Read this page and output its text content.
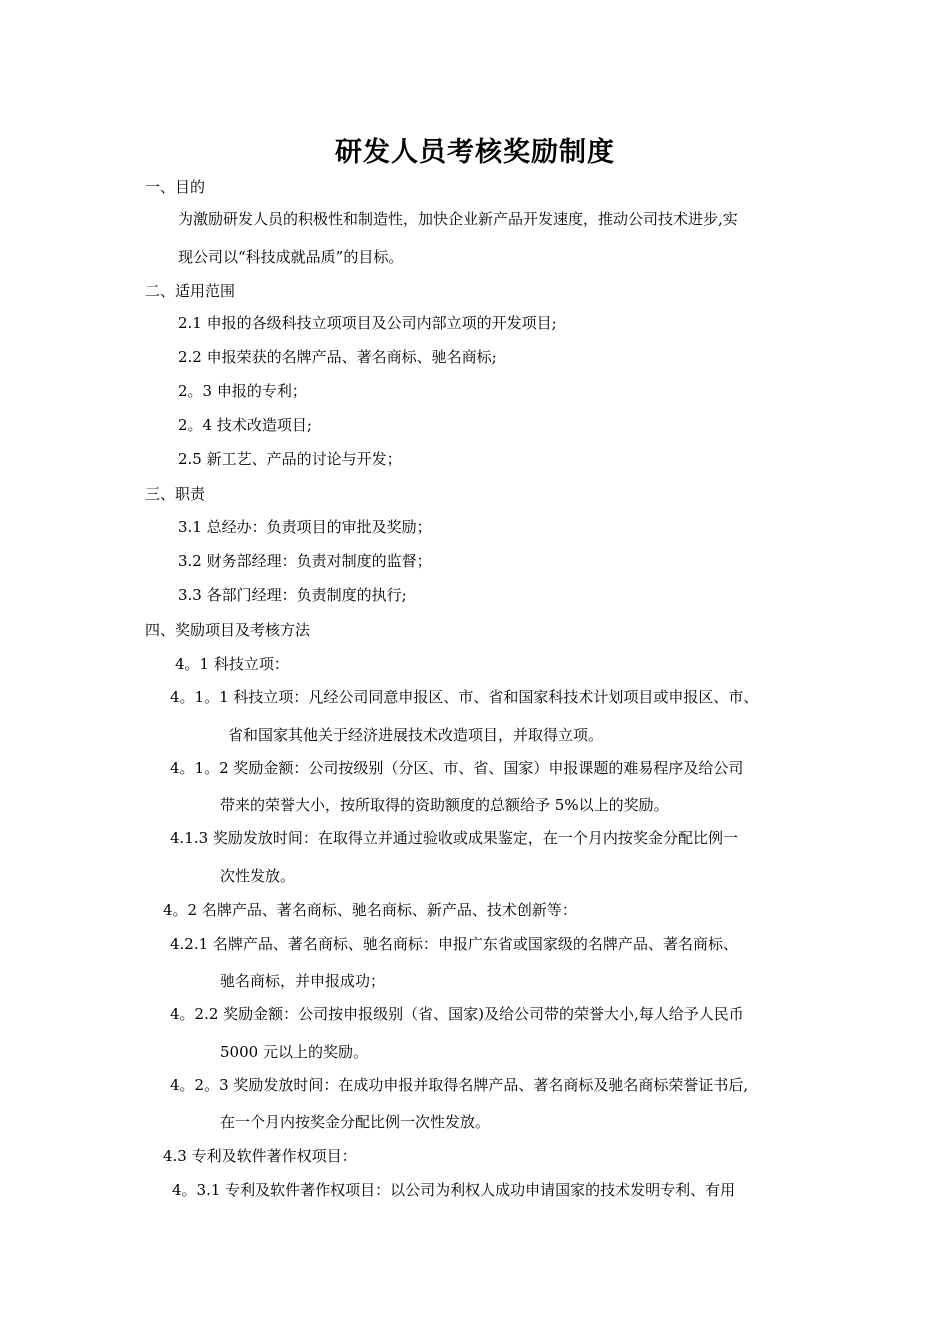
研发人员考核奖励制度
一、目的
为激励研发人员的积极性和制造性，加快企业新产品开发速度，推动公司技术进步,实
现公司以“科技成就品质”的目标。
二、适用范围
2.1 申报的各级科技立项项目及公司内部立项的开发项目;
2.2 申报荣获的名牌产品、著名商标、驰名商标;
2。3 申报的专利；
2。4 技术改造项目;
2.5 新工艺、产品的讨论与开发；
三、职责
3.1 总经办：负责项目的审批及奖励；
3.2 财务部经理：负责对制度的监督；
3.3 各部门经理：负责制度的执行;
四、奖励项目及考核方法
4。1 科技立项：
4。1。1 科技立项：凡经公司同意申报区、市、省和国家科技术计划项目或申报区、市、
省和国家其他关于经济进展技术改造项目，并取得立项。
4。1。2 奖励金额：公司按级别（分区、市、省、国家）申报课题的难易程序及给公司
带来的荣誉大小，按所取得的资助额度的总额给予 5%以上的奖励。
4.1.3 奖励发放时间：在取得立并通过验收或成果鉴定，在一个月内按奖金分配比例一
次性发放。
4。2 名牌产品、著名商标、驰名商标、新产品、技术创新等：
4.2.1 名牌产品、著名商标、驰名商标：申报广东省或国家级的名牌产品、著名商标、
驰名商标，并申报成功；
4。2.2 奖励金额：公司按申报级别（省、国家)及给公司带的荣誉大小,每人给予人民币
5000 元以上的奖励。
4。2。3 奖励发放时间：在成功申报并取得名牌产品、著名商标及驰名商标荣誉证书后,
在一个月内按奖金分配比例一次性发放。
4.3 专利及软件著作权项目：
4。3.1 专利及软件著作权项目：以公司为利权人成功申请国家的技术发明专利、有用
